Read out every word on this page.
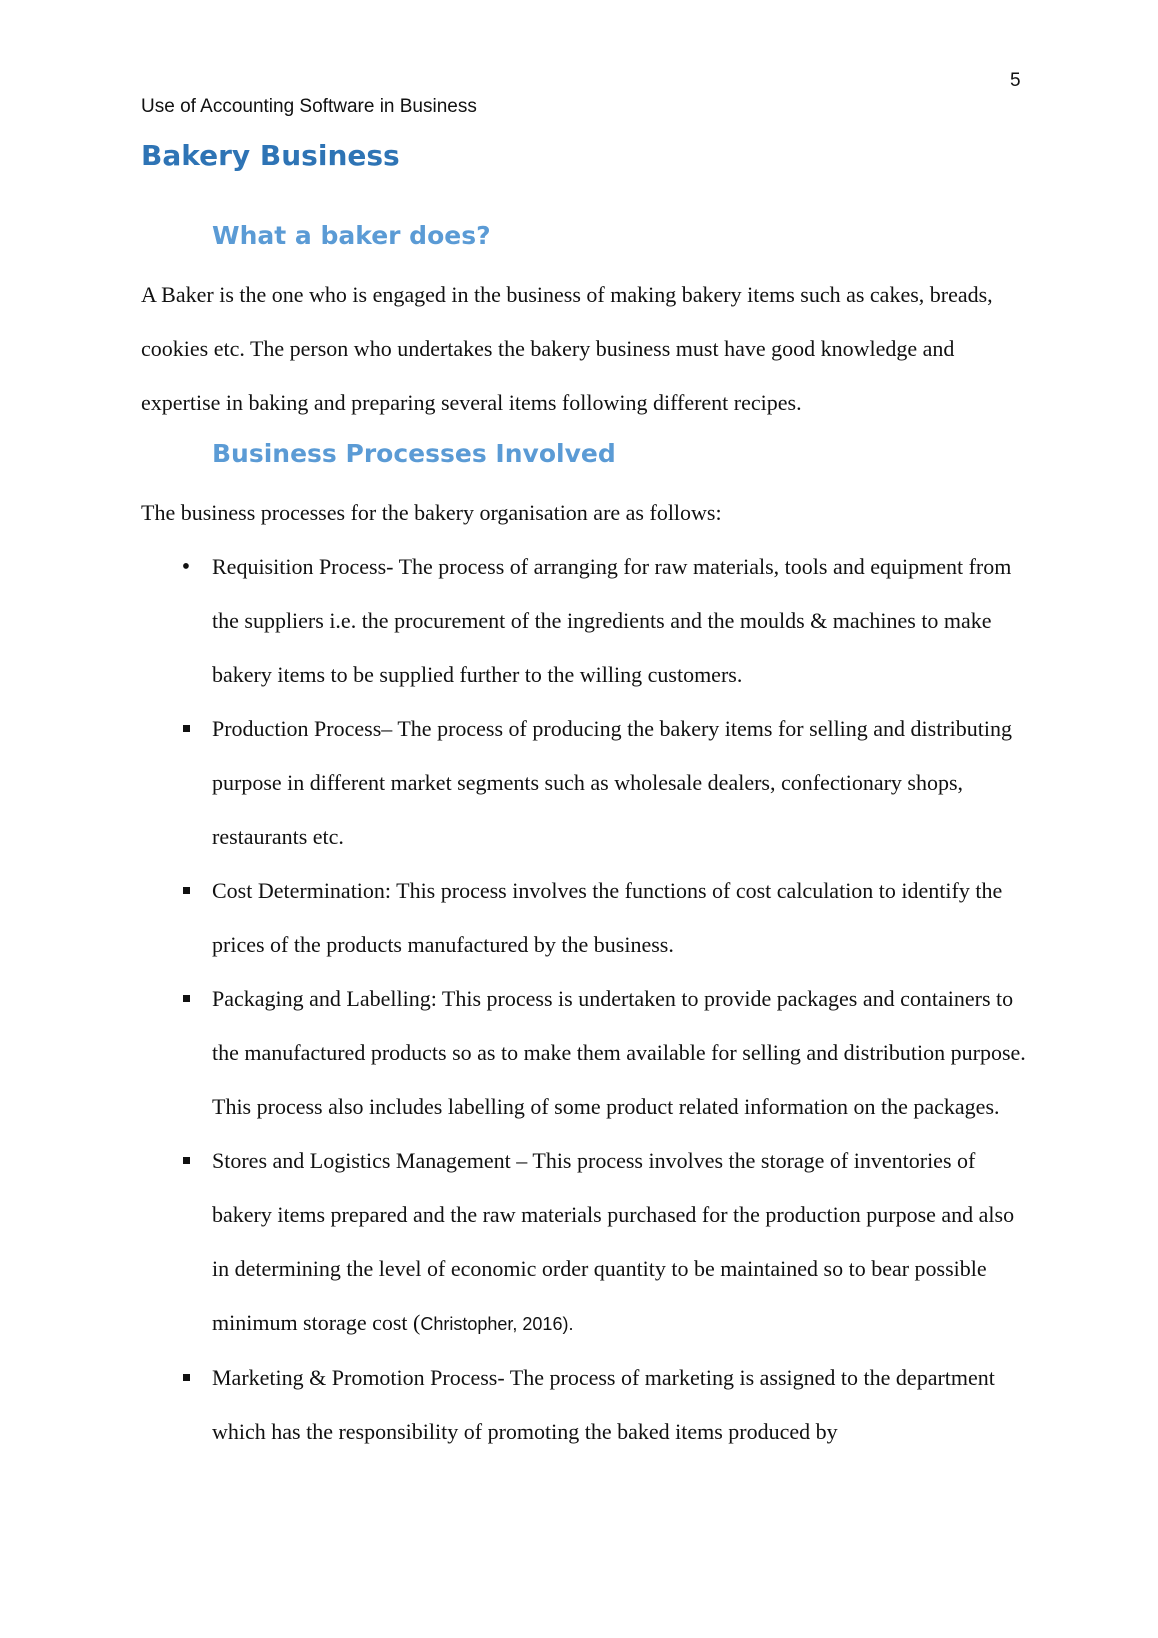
5
Use of Accounting Software in Business
Bakery Business
What a baker does?

A Baker is the one who is engaged in the business of making bakery items such as cakes, breads, cookies etc. The person who undertakes the bakery business must have good knowledge and expertise in baking and preparing several items following different recipes.

Business Processes Involved

The business processes for the bakery organisation are as follows:

•
Requisition Process- The process of arranging for raw materials, tools and equipment from the suppliers i.e. the procurement of the ingredients and the moulds & machines to make bakery items to be supplied further to the willing customers.
Production Process– The process of producing the bakery items for selling and distributing purpose in different market segments such as wholesale dealers, confectionary shops, restaurants etc.
Cost Determination: This process involves the functions of cost calculation to identify the prices of the products manufactured by the business.
Packaging and Labelling: This process is undertaken to provide packages and containers to the manufactured products so as to make them available for selling and distribution purpose. This process also includes labelling of some product related information on the packages.
Stores and Logistics Management – This process involves the storage of inventories of bakery items prepared and the raw materials purchased for the production purpose and also in determining the level of economic order quantity to be maintained so to bear possible minimum storage cost (Christopher, 2016).
Marketing & Promotion Process- The process of marketing is assigned to the department which has the responsibility of promoting the baked items produced by
